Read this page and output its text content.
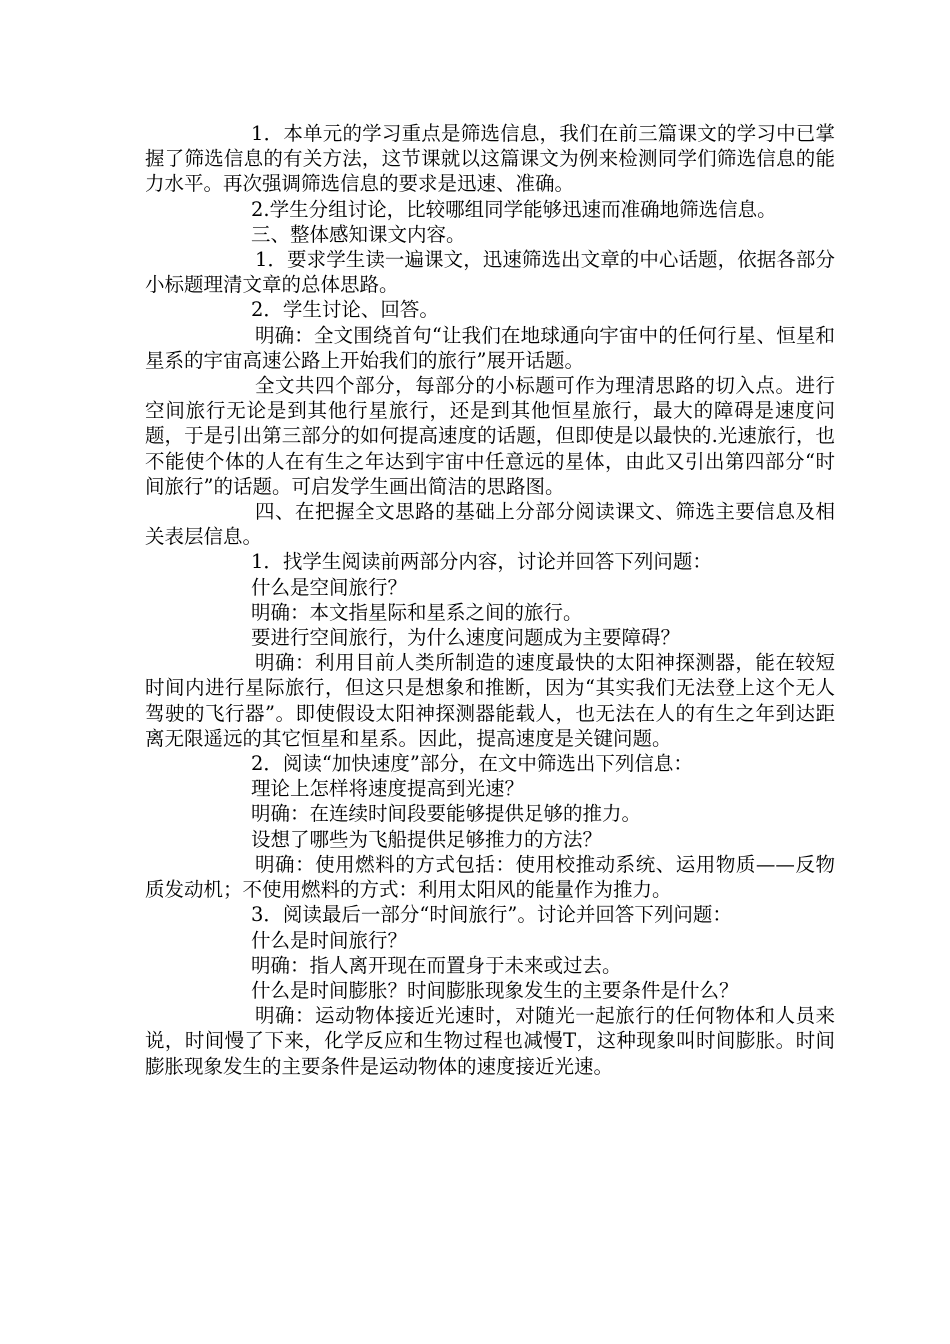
1．本单元的学习重点是筛选信息，我们在前三篇课文的学习中已掌握了筛选信息的有关方法，这节课就以这篇课文为例来检测同学们筛选信息的能力水平。再次强调筛选信息的要求是迅速、准确。

2.学生分组讨论，比较哪组同学能够迅速而准确地筛选信息。

三、整体感知课文内容。

1．要求学生读一遍课文，迅速筛选出文章的中心话题，依据各部分小标题理清文章的总体思路。

2．学生讨论、回答。

明确：全文围绕首句“让我们在地球通向宇宙中的任何行星、恒星和星系的宇宙高速公路上开始我们的旅行”展开话题。

全文共四个部分，每部分的小标题可作为理清思路的切入点。进行空间旅行无论是到其他行星旅行，还是到其他恒星旅行，最大的障碍是速度问题，于是引出第三部分的如何提高速度的话题，但即使是以最快的.光速旅行，也不能使个体的人在有生之年达到宇宙中任意远的星体，由此又引出第四部分“时间旅行”的话题。可启发学生画出简洁的思路图。

四、在把握全文思路的基础上分部分阅读课文、筛选主要信息及相关表层信息。

1．找学生阅读前两部分内容，讨论并回答下列问题：

什么是空间旅行？

明确：本文指星际和星系之间的旅行。

要进行空间旅行，为什么速度问题成为主要障碍？

明确：利用目前人类所制造的速度最快的太阳神探测器，能在较短时间内进行星际旅行，但这只是想象和推断，因为“其实我们无法登上这个无人驾驶的飞行器”。即使假设太阳神探测器能载人，也无法在人的有生之年到达距离无限遥远的其它恒星和星系。因此，提高速度是关键问题。

2．阅读“加快速度”部分，在文中筛选出下列信息：

理论上怎样将速度提高到光速？

明确：在连续时间段要能够提供足够的推力。

设想了哪些为飞船提供足够推力的方法？

明确：使用燃料的方式包括：使用校推动系统、运用物质——反物质发动机；不使用燃料的方式：利用太阳风的能量作为推力。

3．阅读最后一部分“时间旅行”。讨论并回答下列问题：

什么是时间旅行？

明确：指人离开现在而置身于未来或过去。

什么是时间膨胀？时间膨胀现象发生的主要条件是什么？

明确：运动物体接近光速时，对随光一起旅行的任何物体和人员来说，时间慢了下来，化学反应和生物过程也减慢Т，这种现象叫时间膨胀。时间膨胀现象发生的主要条件是运动物体的速度接近光速。
